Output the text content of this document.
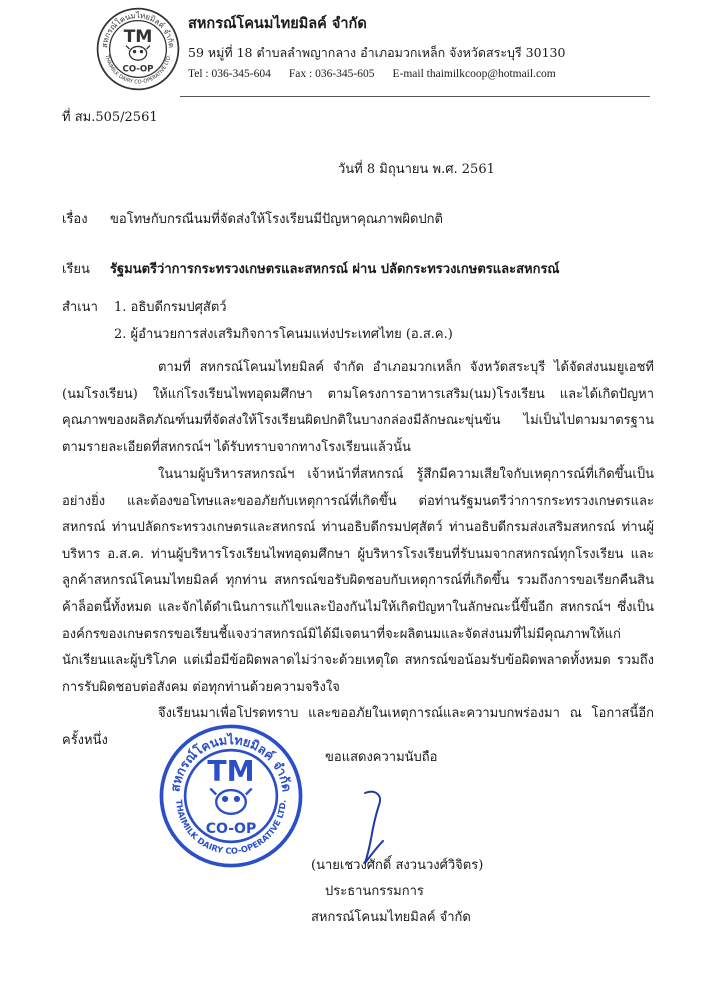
สหกรณ์โคนมไทยมิลค์ จำกัด
THAIMILK DAIRY CO-OPERATIVE LTD.
TM
CO-OP
สหกรณ์โคนมไทยมิลค์ จำกัด
59 หมู่ที่ 18 ตำบลลำพญากลาง อำเภอมวกเหล็ก จังหวัดสระบุรี 30130
Tel : 036-345-604 Fax : 036-345-605 E-mail thaimilkcoop@hotmail.com
ที่ สม.505/2561
วันที่ 8 มิถุนายน พ.ศ. 2561
เรื่อง ขอโทษกับกรณีนมที่จัดส่งให้โรงเรียนมีปัญหาคุณภาพผิดปกติ
เรียน รัฐมนตรีว่าการกระทรวงเกษตรและสหกรณ์ ผ่าน ปลัดกระทรวงเกษตรและสหกรณ์
สำเนา 1. อธิบดีกรมปศุสัตว์
2. ผู้อำนวยการส่งเสริมกิจการโคนมแห่งประเทศไทย (อ.ส.ค.)

ตามที่ สหกรณ์โคนมไทยมิลค์ จำกัด อำเภอมวกเหล็ก จังหวัดสระบุรี ได้จัดส่งนมยูเอชที (นมโรงเรียน) ให้แก่โรงเรียนไพทอุดมศึกษา ตามโครงการอาหารเสริม(นม)โรงเรียน และได้เกิดปัญหาคุณภาพของผลิตภัณฑ์นมที่จัดส่งให้โรงเรียนผิดปกติในบางกล่องมีลักษณะขุ่นข้น ไม่เป็นไปตามมาตรฐานตามรายละเอียดที่สหกรณ์ฯ ได้รับทราบจากทางโรงเรียนแล้วนั้น

ในนามผู้บริหารสหกรณ์ฯ เจ้าหน้าที่สหกรณ์ รู้สึกมีความเสียใจกับเหตุการณ์ที่เกิดขึ้นเป็นอย่างยิ่ง และต้องขอโทษและขออภัยกับเหตุการณ์ที่เกิดขึ้น ต่อท่านรัฐมนตรีว่าการกระทรวงเกษตรและสหกรณ์ ท่านปลัดกระทรวงเกษตรและสหกรณ์ ท่านอธิบดีกรมปศุสัตว์ ท่านอธิบดีกรมส่งเสริมสหกรณ์ ท่านผู้บริหาร อ.ส.ค. ท่านผู้บริหารโรงเรียนไพทอุดมศึกษา ผู้บริหารโรงเรียนที่รับนมจากสหกรณ์ทุกโรงเรียน และลูกค้าสหกรณ์โคนมไทยมิลค์ ทุกท่าน สหกรณ์ขอรับผิดชอบกับเหตุการณ์ที่เกิดขึ้น รวมถึงการขอเรียกคืนสินค้าล็อตนี้ทั้งหมด และจักได้ดำเนินการแก้ไขและป้องกันไม่ให้เกิดปัญหาในลักษณะนี้ขึ้นอีก สหกรณ์ฯ ซึ่งเป็นองค์กรของเกษตรกรขอเรียนชี้แจงว่าสหกรณ์มิได้มีเจตนาที่จะผลิตนมและจัดส่งนมที่ไม่มีคุณภาพให้แก่นักเรียนและผู้บริโภค แต่เมื่อมีข้อผิดพลาดไม่ว่าจะด้วยเหตุใด สหกรณ์ขอน้อมรับข้อผิดพลาดทั้งหมด รวมถึงการรับผิดชอบต่อสังคม ต่อทุกท่านด้วยความจริงใจ

จึงเรียนมาเพื่อโปรดทราบ และขออภัยในเหตุการณ์และความบกพร่องมา ณ โอกาสนี้อีกครั้งหนึ่ง

ขอแสดงความนับถือ
สหกรณ์โคนมไทยมิลค์ จำกัด
THAIMILK DAIRY CO-OPERATIVE LTD.
TM
CO-OP
(นายเชวงศักดิ์ สงวนวงศ์วิจิตร)
ประธานกรรมการ
สหกรณ์โคนมไทยมิลค์ จำกัด
